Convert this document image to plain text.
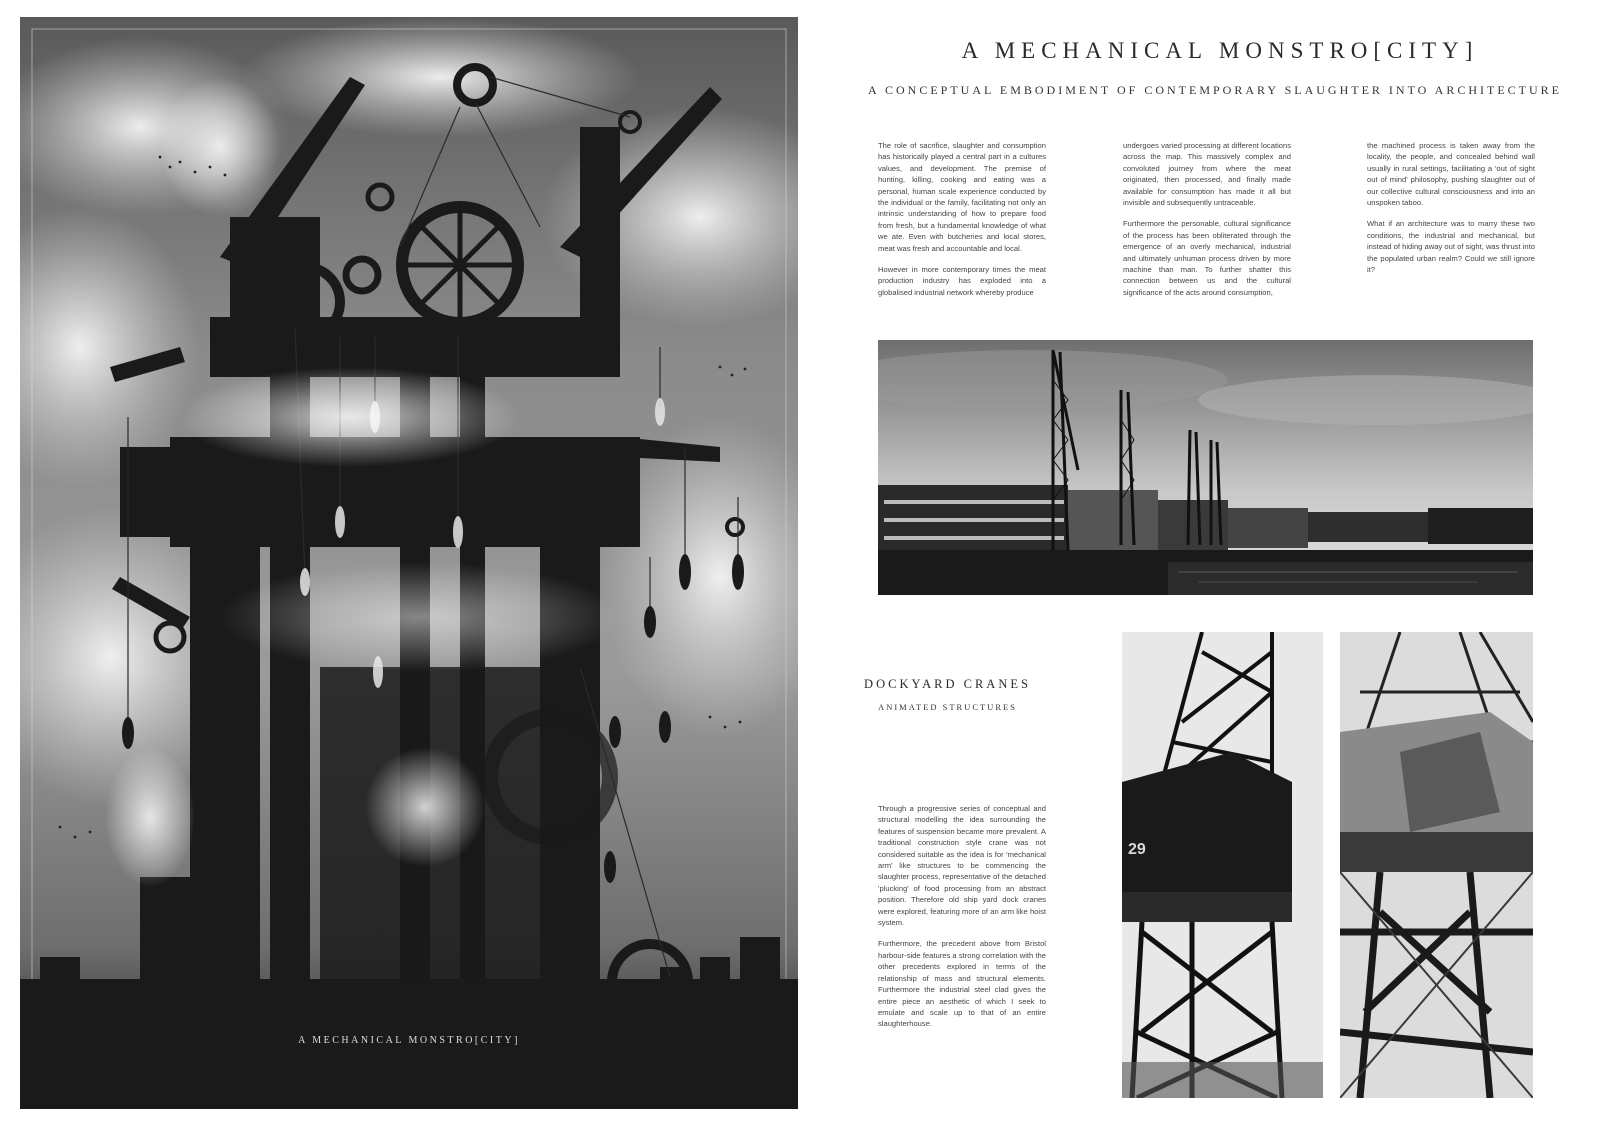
A MECHANICAL MONSTRO[CITY]
A MECHANICAL MONSTRO[CITY]
A CONCEPTUAL EMBODIMENT OF CONTEMPORARY SLAUGHTER INTO ARCHITECTURE

The role of sacrifice, slaughter and consumption has historically played a central part in a cultures values, and development. The premise of hunting, killing, cooking and eating was a personal, human scale experience conducted by the individual or the family, facilitating not only an intrinsic understanding of how to prepare food from fresh, but a fundamental knowledge of what we ate. Even with butcheries and local stores, meat was fresh and accountable and local.

However in more contemporary times the meat production industry has exploded into a globalised industrial network whereby produce

undergoes varied processing at different locations across the map. This massively complex and convoluted journey from where the meat originated, then processed, and finally made available for consumption has made it all but invisible and subsequently untraceable.

Furthermore the personable, cultural significance of the process has been obliterated through the emergence of an overly mechanical, industrial and ultimately unhuman process driven by more machine than man. To further shatter this connection between us and the cultural significance of the acts around consumption,

the machined process is taken away from the locality, the people, and concealed behind wall usually in rural settings, facilitating a 'out of sight out of mind' philosophy, pushing slaughter out of our collective cultural consciousness and into an unspoken taboo.

What if an architecture was to marry these two conditions, the industrial and mechanical, but instead of hiding away out of sight, was thrust into the populated urban realm? Could we still ignore it?

DOCKYARD CRANES
ANIMATED STRUCTURES

Through a progressive series of conceptual and structural modelling the idea surrounding the features of suspension became more prevalent. A traditional construction style crane was not considered suitable as the idea is for 'mechanical arm' like structures to be commencing the slaughter process, representative of the detached 'plucking' of food processing from an abstract position. Therefore old ship yard dock cranes were explored, featuring more of an arm like hoist system.

Furthermore, the precedent above from Bristol harbour-side features a strong correlation with the other precedents explored in terms of the relationship of mass and structural elements. Furthermore the industrial steel clad gives the entire piece an aesthetic of which I seek to emulate and scale up to that of an entire slaughterhouse.

29
